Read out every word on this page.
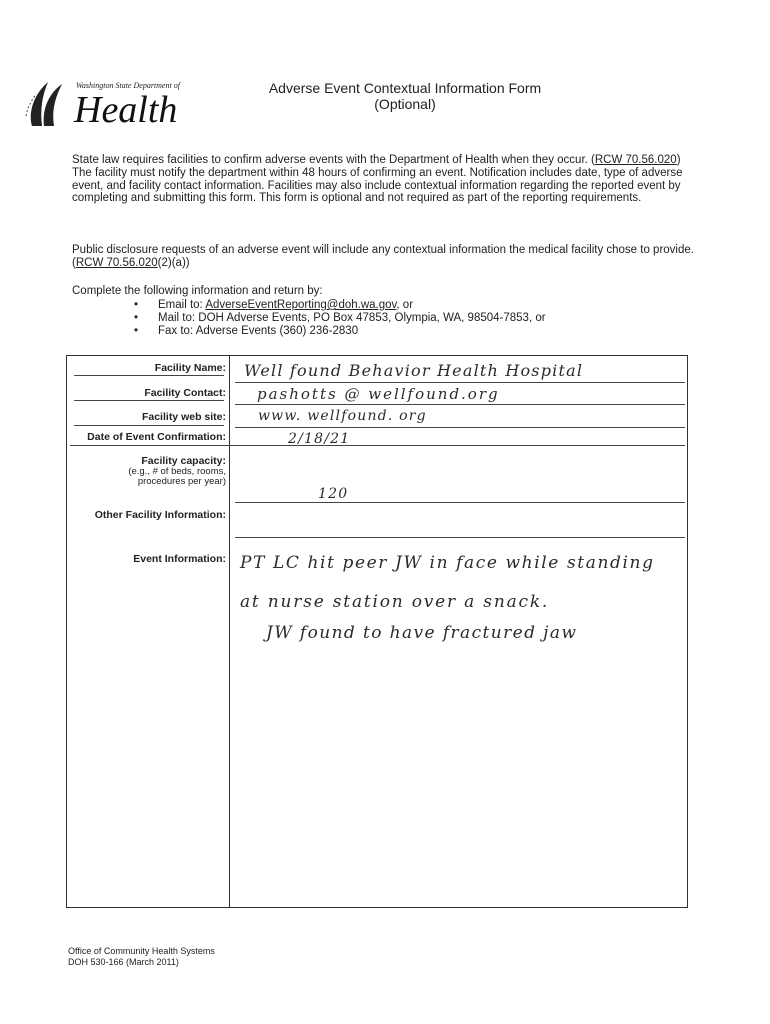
Washington State Department of
Health
Adverse Event Contextual Information Form
(Optional)
State law requires facilities to confirm adverse events with the Department of Health when they occur. (RCW 70.56.020) The facility must notify the department within 48 hours of confirming an event. Notification includes date, type of adverse event, and facility contact information. Facilities may also include contextual information regarding the reported event by completing and submitting this form. This form is optional and not required as part of the reporting requirements.
Public disclosure requests of an adverse event will include any contextual information the medical facility chose to provide. (RCW 70.56.020(2)(a))
Complete the following information and return by:
• Email to: AdverseEventReporting@doh.wa.gov, or
• Mail to: DOH Adverse Events, PO Box 47853, Olympia, WA, 98504-7853, or
• Fax to: Adverse Events (360) 236-2830
Facility Name:
Facility Contact:
Facility web site:
Date of Event Confirmation:
Facility capacity:
(e.g., # of beds, rooms,
procedures per year)
Other Facility Information:
Event Information:
Well found Behavior Health Hospital
pashotts @ wellfound.org
www. wellfound. org
2/18/21
120
PT LC hit peer JW in face while standing
at nurse station over a snack.
JW found to have fractured jaw
Office of Community Health Systems
DOH 530-166 (March 2011)
